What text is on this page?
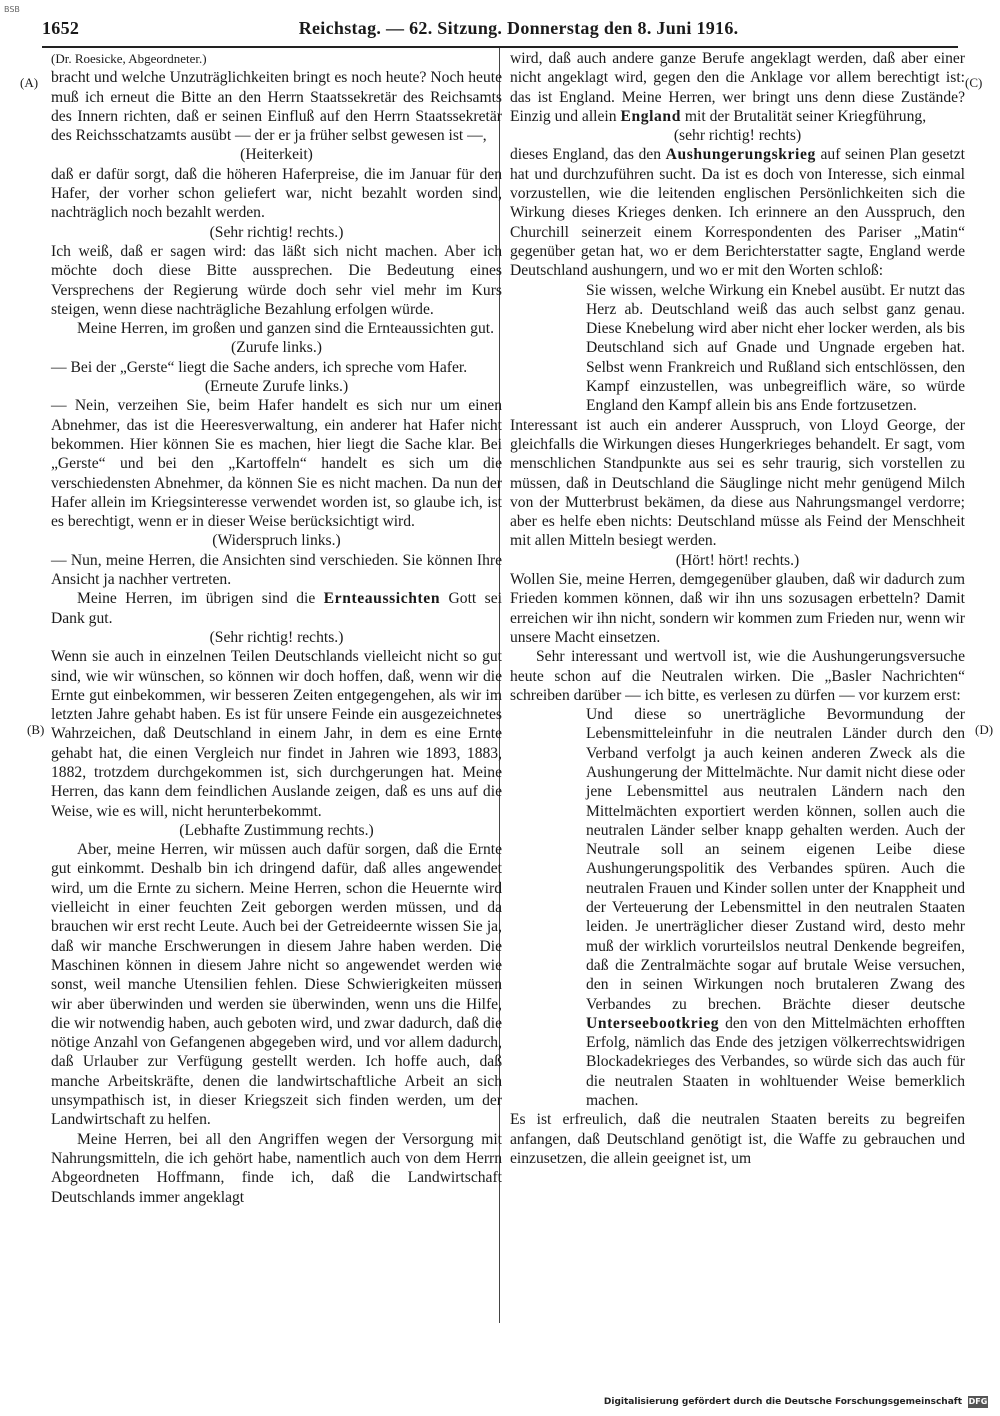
BSB
1652	Reichstag. — 62. Sitzung. Donnerstag den 8. Juni 1916.
(A)
(B)
(C)
(D)

(Dr. Roesicke, Abgeordneter.)

bracht und welche Unzuträglichkeiten bringt es noch heute? Noch heute muß ich erneut die Bitte an den Herrn Staatssekretär des Reichsamts des Innern richten, daß er seinen Einfluß auf den Herrn Staatssekretär des Reichsschatzamts ausübt — der er ja früher selbst gewesen ist —,

(Heiterkeit)

daß er dafür sorgt, daß die höheren Haferpreise, die im Januar für den Hafer, der vorher schon geliefert war, nicht bezahlt worden sind, nachträglich noch bezahlt werden.

(Sehr richtig! rechts.)

Ich weiß, daß er sagen wird: das läßt sich nicht machen. Aber ich möchte doch diese Bitte aussprechen. Die Bedeutung eines Versprechens der Regierung würde doch sehr viel mehr im Kurs steigen, wenn diese nachträgliche Bezahlung erfolgen würde.

Meine Herren, im großen und ganzen sind die Ernteaussichten gut.

(Zurufe links.)

— Bei der „Gerste“ liegt die Sache anders, ich spreche vom Hafer.

(Erneute Zurufe links.)

— Nein, verzeihen Sie, beim Hafer handelt es sich nur um einen Abnehmer, das ist die Heeresverwaltung, ein anderer hat Hafer nicht bekommen. Hier können Sie es machen, hier liegt die Sache klar. Bei „Gerste“ und bei den „Kartoffeln“ handelt es sich um die verschiedensten Abnehmer, da können Sie es nicht machen. Da nun der Hafer allein im Kriegsinteresse verwendet worden ist, so glaube ich, ist es berechtigt, wenn er in dieser Weise berücksichtigt wird.

(Widerspruch links.)

— Nun, meine Herren, die Ansichten sind verschieden. Sie können Ihre Ansicht ja nachher vertreten.

Meine Herren, im übrigen sind die Ernteaussichten Gott sei Dank gut.

(Sehr richtig! rechts.)

Wenn sie auch in einzelnen Teilen Deutschlands vielleicht nicht so gut sind, wie wir wünschen, so können wir doch hoffen, daß, wenn wir die Ernte gut einbekommen, wir besseren Zeiten entgegengehen, als wir im letzten Jahre gehabt haben. Es ist für unsere Feinde ein ausgezeichnetes Wahrzeichen, daß Deutschland in einem Jahr, in dem es eine Ernte gehabt hat, die einen Vergleich nur findet in Jahren wie 1893, 1883, 1882, trotzdem durchgekommen ist, sich durchgerungen hat. Meine Herren, das kann dem feindlichen Auslande zeigen, daß es uns auf die Weise, wie es will, nicht herunterbekommt.

(Lebhafte Zustimmung rechts.)

Aber, meine Herren, wir müssen auch dafür sorgen, daß die Ernte gut einkommt. Deshalb bin ich dringend dafür, daß alles angewendet wird, um die Ernte zu sichern. Meine Herren, schon die Heuernte wird vielleicht in einer feuchten Zeit geborgen werden müssen, und da brauchen wir erst recht Leute. Auch bei der Getreideernte wissen Sie ja, daß wir manche Erschwerungen in diesem Jahre haben werden. Die Maschinen können in diesem Jahre nicht so angewendet werden wie sonst, weil manche Utensilien fehlen. Diese Schwierigkeiten müssen wir aber überwinden und werden sie überwinden, wenn uns die Hilfe, die wir notwendig haben, auch geboten wird, und zwar dadurch, daß die nötige Anzahl von Gefangenen abgegeben wird, und vor allem dadurch, daß Urlauber zur Verfügung gestellt werden. Ich hoffe auch, daß manche Arbeitskräfte, denen die landwirtschaftliche Arbeit an sich unsympathisch ist, in dieser Kriegszeit sich finden werden, um der Landwirtschaft zu helfen.

Meine Herren, bei all den Angriffen wegen der Versorgung mit Nahrungsmitteln, die ich gehört habe, namentlich auch von dem Herrn Abgeordneten Hoffmann, finde ich, daß die Landwirtschaft Deutschlands immer angeklagt

wird, daß auch andere ganze Berufe angeklagt werden, daß aber einer nicht angeklagt wird, gegen den die Anklage vor allem berechtigt ist: das ist England. Meine Herren, wer bringt uns denn diese Zustände? Einzig und allein England mit der Brutalität seiner Kriegführung,

(sehr richtig! rechts)

dieses England, das den Aushungerungskrieg auf seinen Plan gesetzt hat und durchzuführen sucht. Da ist es doch von Interesse, sich einmal vorzustellen, wie die leitenden englischen Persönlichkeiten sich die Wirkung dieses Krieges denken. Ich erinnere an den Ausspruch, den Churchill seinerzeit einem Korrespondenten des Pariser „Matin“ gegenüber getan hat, wo er dem Berichterstatter sagte, England werde Deutschland aushungern, und wo er mit den Worten schloß:

Sie wissen, welche Wirkung ein Knebel ausübt. Er nutzt das Herz ab. Deutschland weiß das auch selbst ganz genau. Diese Knebelung wird aber nicht eher locker werden, als bis Deutschland sich auf Gnade und Ungnade ergeben hat. Selbst wenn Frankreich und Rußland sich entschlössen, den Kampf einzustellen, was unbegreiflich wäre, so würde England den Kampf allein bis ans Ende fortzusetzen.

Interessant ist auch ein anderer Ausspruch, von Lloyd George, der gleichfalls die Wirkungen dieses Hungerkrieges behandelt. Er sagt, vom menschlichen Standpunkte aus sei es sehr traurig, sich vorstellen zu müssen, daß in Deutschland die Säuglinge nicht mehr genügend Milch von der Mutterbrust bekämen, da diese aus Nahrungsmangel verdorre; aber es helfe eben nichts: Deutschland müsse als Feind der Menschheit mit allen Mitteln besiegt werden.

(Hört! hört! rechts.)

Wollen Sie, meine Herren, demgegenüber glauben, daß wir dadurch zum Frieden kommen können, daß wir ihn uns sozusagen erbetteln? Damit erreichen wir ihn nicht, sondern wir kommen zum Frieden nur, wenn wir unsere Macht einsetzen.

Sehr interessant und wertvoll ist, wie die Aushungerungsversuche heute schon auf die Neutralen wirken. Die „Basler Nachrichten“ schreiben darüber — ich bitte, es verlesen zu dürfen — vor kurzem erst:

Und diese so unerträgliche Bevormundung der Lebensmitteleinfuhr in die neutralen Länder durch den Verband verfolgt ja auch keinen anderen Zweck als die Aushungerung der Mittelmächte. Nur damit nicht diese oder jene Lebensmittel aus neutralen Ländern nach den Mittelmächten exportiert werden können, sollen auch die neutralen Länder selber knapp gehalten werden. Auch der Neutrale soll an seinem eigenen Leibe diese Aushungerungspolitik des Verbandes spüren. Auch die neutralen Frauen und Kinder sollen unter der Knappheit und der Verteuerung der Lebensmittel in den neutralen Staaten leiden. Je unerträglicher dieser Zustand wird, desto mehr muß der wirklich vorurteilslos neutral Denkende begreifen, daß die Zentralmächte sogar auf brutale Weise versuchen, den in seinen Wirkungen noch brutaleren Zwang des Verbandes zu brechen. Brächte dieser deutsche Unterseebootkrieg den von den Mittelmächten erhofften Erfolg, nämlich das Ende des jetzigen völkerrechtswidrigen Blockadekrieges des Verbandes, so würde sich das auch für die neutralen Staaten in wohltuender Weise bemerklich machen.

Es ist erfreulich, daß die neutralen Staaten bereits zu begreifen anfangen, daß Deutschland genötigt ist, die Waffe zu gebrauchen und einzusetzen, die allein geeignet ist, um

Digitalisierung gefördert durch die Deutsche Forschungsgemeinschaft DFG
